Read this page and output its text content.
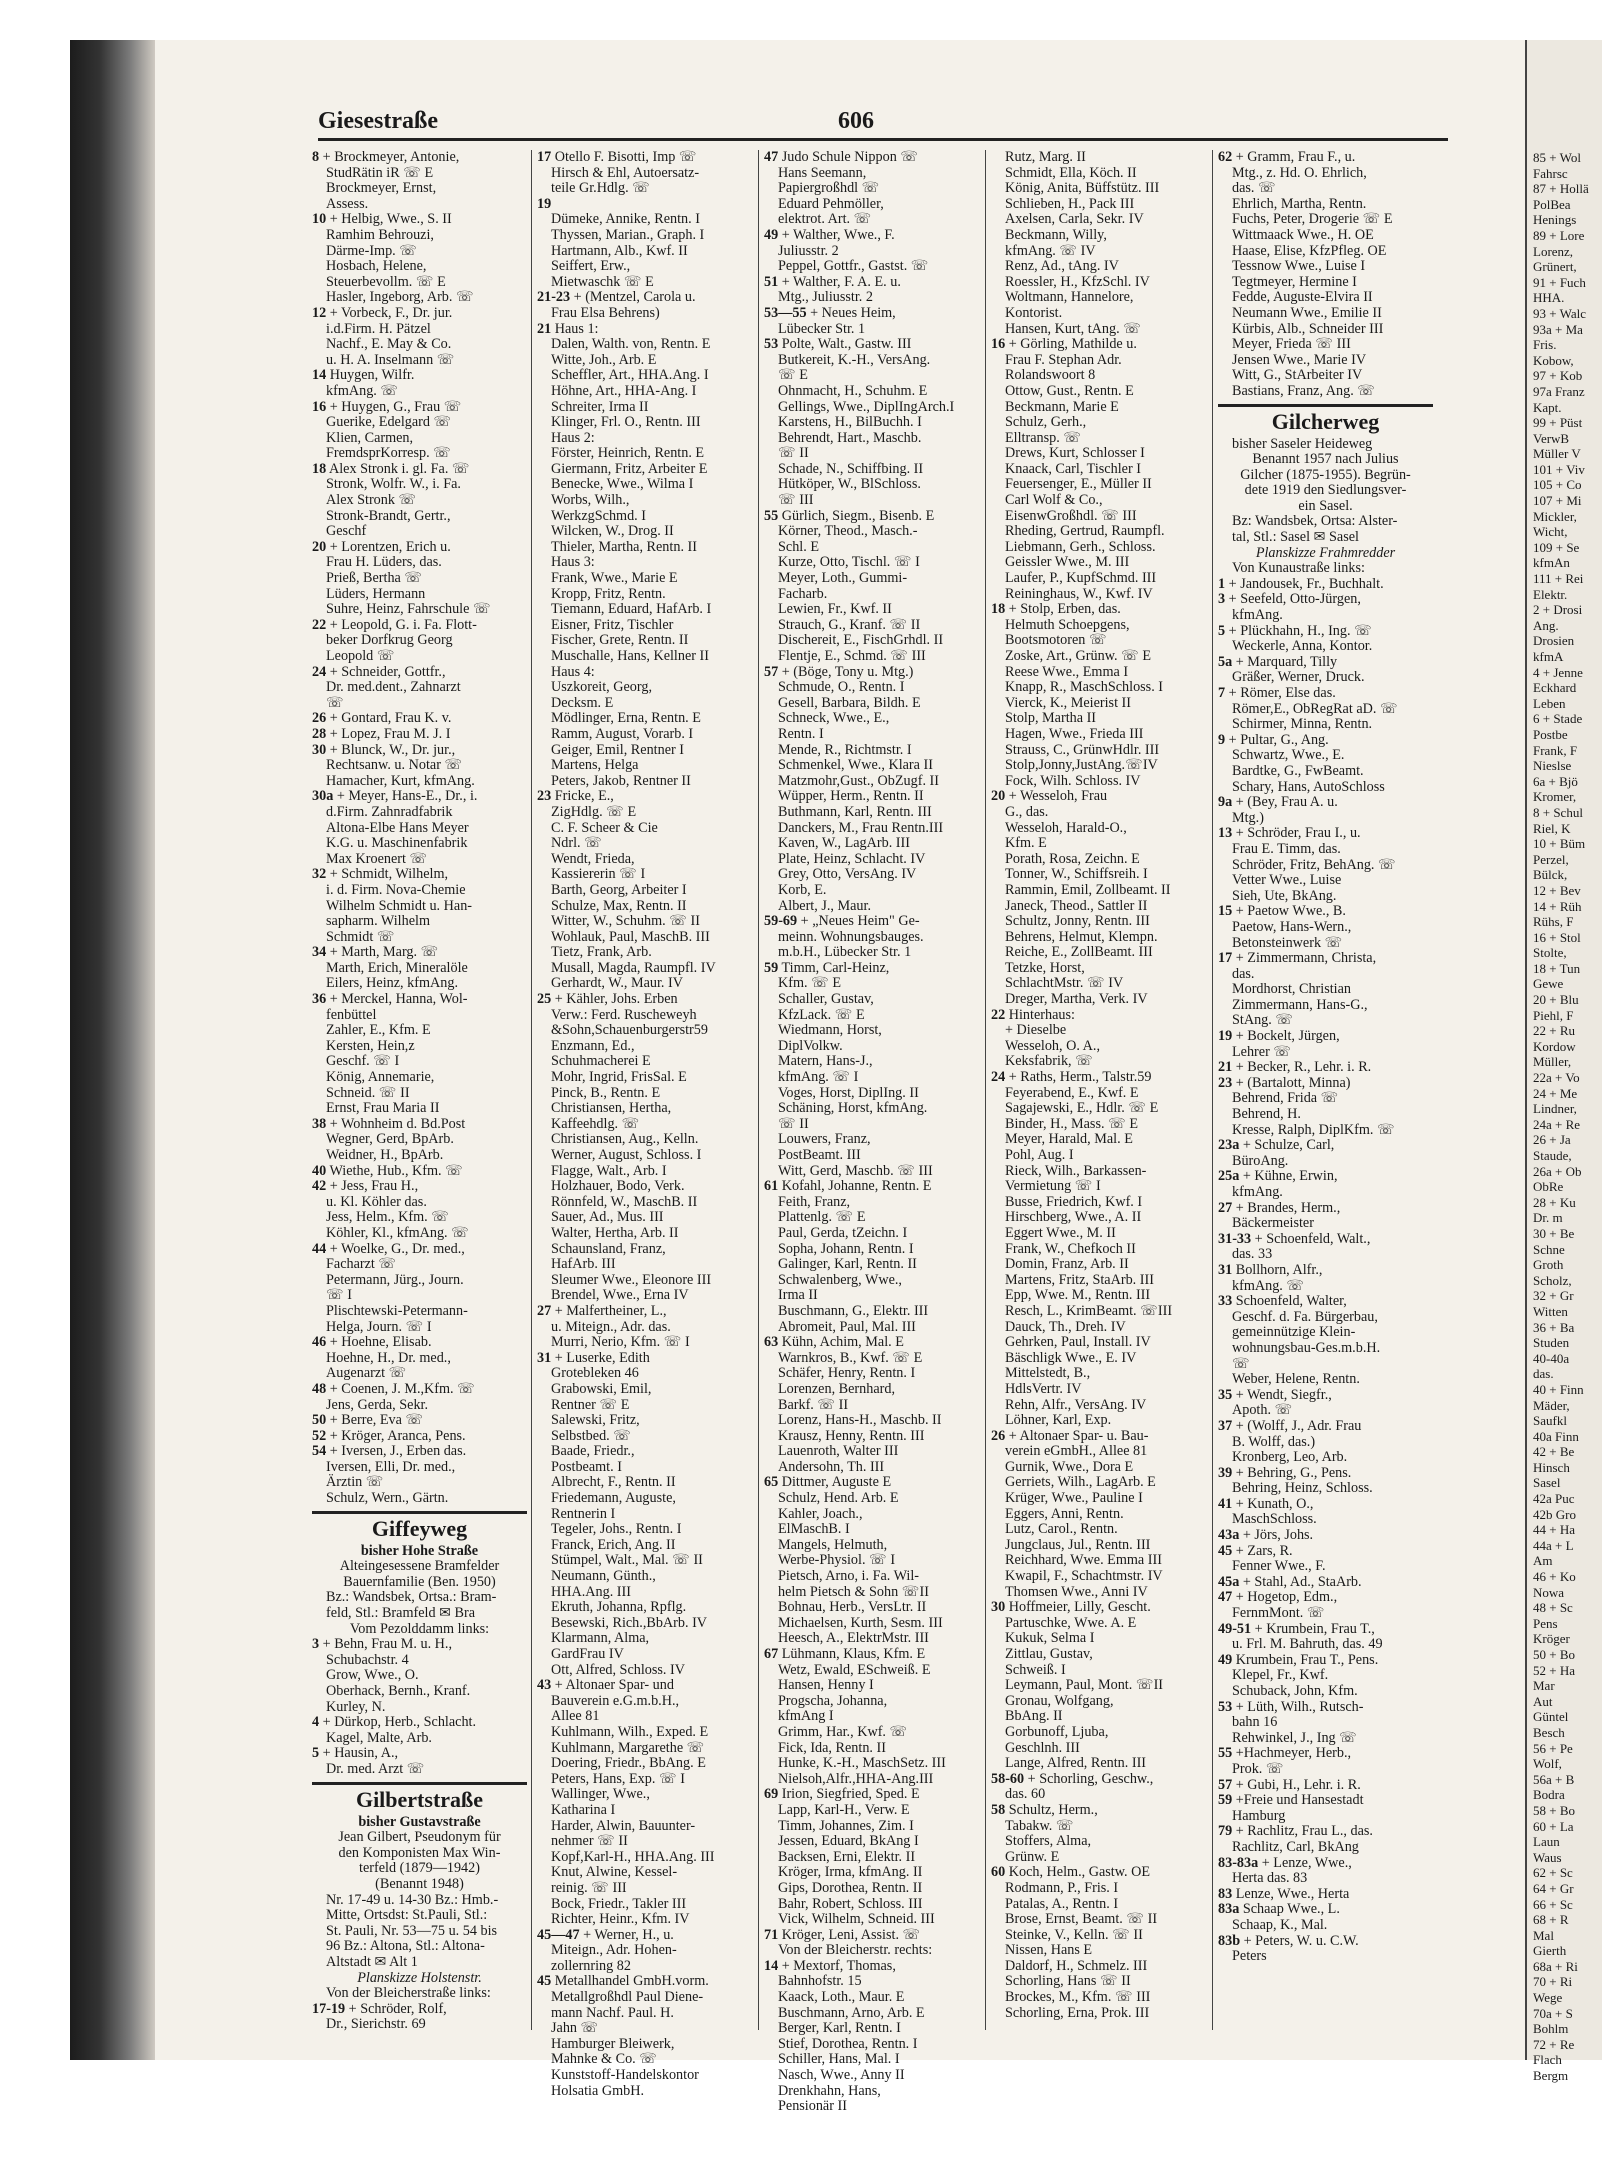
85 + Wol
Fahrsc
87 + Hollä
PolBea
Henings
89 + Lore
Lorenz,
Grünert,
91 + Fuch
HHA.
93 + Walc
93a + Ma
Fris.
Kobow,
97 + Kob
97a Franz
Kapt.
99 + Püst
VerwB
Müller V
101 + Viv
105 + Co
107 + Mi
Mickler,
Wicht,
109 + Se
kfmAn
111 + Rei
Elektr.
2 + Drosi
Ang.
Drosien
kfmA
4 + Jenne
Eckhard
Leben
6 + Stade
Postbe
Frank, F
Nieslse
6a + Bjö
Kromer,
8 + Schul
Riel, K
10 + Büm
Perzel,
Bülck,
12 + Bev
14 + Rüh
Rühs, F
16 + Stol
Stolte,
18 + Tun
Gewe
20 + Blu
Piehl, F
22 + Ru
Kordow
Müller,
22a + Vo
24 + Me
Lindner,
24a + Re
26 + Ja
Staude,
26a + Ob
ObRe
28 + Ku
Dr. m
30 + Be
Schne
Groth
Scholz,
32 + Gr
Witten
36 + Ba
Studen
40-40a
das.
40 + Finn
Mäder,
Saufkl
40a Finn
42 + Be
Hinsch
Sasel
42a Puc
42b Gro
44 + Ha
44a + L
Am
46 + Ko
Nowa
48 + Sc
Pens
Kröger
50 + Bo
52 + Ha
Mar
Aut
Güntel
Besch
56 + Pe
Wolf,
56a + B
Bodra
58 + Bo
60 + La
Laun
Waus
62 + Sc
64 + Gr
66 + Sc
68 + R
Mal
Gierth
68a + Ri
70 + Ri
Wege
70a + S
Bohlm
72 + Re
Flach
Bergm
Giesestraße	606
8 + Brockmeyer, Antonie,
StudRätin iR ☏ E
Brockmeyer, Ernst,
Assess.
10 + Helbig, Wwe., S. II
Ramhim Behrouzi,
Därme-Imp. ☏
Hosbach, Helene,
Steuerbevollm. ☏ E
Hasler, Ingeborg, Arb. ☏
12 + Vorbeck, F., Dr. jur.
i.d.Firm. H. Pätzel
Nachf., E. May & Co.
u. H. A. Inselmann ☏
14 Huygen, Wilfr.
kfmAng. ☏
16 + Huygen, G., Frau ☏
Guerike, Edelgard ☏
Klien, Carmen,
FremdsprKorresp. ☏
18 Alex Stronk i. gl. Fa. ☏
Stronk, Wolfr. W., i. Fa.
Alex Stronk ☏
Stronk-Brandt, Gertr.,
Geschf
20 + Lorentzen, Erich u.
Frau H. Lüders, das.
Prieß, Bertha ☏
Lüders, Hermann
Suhre, Heinz, Fahrschule ☏
22 + Leopold, G. i. Fa. Flott-
beker Dorfkrug Georg
Leopold ☏
24 + Schneider, Gottfr.,
Dr. med.dent., Zahnarzt
☏
26 + Gontard, Frau K. v.
28 + Lopez, Frau M. J. I
30 + Blunck, W., Dr. jur.,
Rechtsanw. u. Notar ☏
Hamacher, Kurt, kfmAng.
30a + Meyer, Hans-E., Dr., i.
d.Firm. Zahnradfabrik
Altona-Elbe Hans Meyer
K.G. u. Maschinenfabrik
Max Kroenert ☏
32 + Schmidt, Wilhelm,
i. d. Firm. Nova-Chemie
Wilhelm Schmidt u. Han-
sapharm. Wilhelm
Schmidt ☏
34 + Marth, Marg. ☏
Marth, Erich, Mineralöle
Eilers, Heinz, kfmAng.
36 + Merckel, Hanna, Wol-
fenbüttel
Zahler, E., Kfm. E
Kersten, Hein,z
Geschf. ☏ I
König, Annemarie,
Schneid. ☏ II
Ernst, Frau Maria II
38 + Wohnheim d. Bd.Post
Wegner, Gerd, BpArb.
Weidner, H., BpArb.
40 Wiethe, Hub., Kfm. ☏
42 + Jess, Frau H.,
u. Kl. Köhler das.
Jess, Helm., Kfm. ☏
Köhler, Kl., kfmAng. ☏
44 + Woelke, G., Dr. med.,
Facharzt ☏
Petermann, Jürg., Journ.
☏ I
Plischtewski-Petermann-
Helga, Journ. ☏ I
46 + Hoehne, Elisab.
Hoehne, H., Dr. med.,
Augenarzt ☏
48 + Coenen, J. M.,Kfm. ☏
Jens, Gerda, Sekr.
50 + Berre, Eva ☏
52 + Kröger, Aranca, Pens.
54 + Iversen, J., Erben das.
Iversen, Elli, Dr. med.,
Ärztin ☏
Schulz, Wern., Gärtn.
Giffeyweg
bisher Hohe Straße
Alteingesessene Bramfelder
Bauernfamilie (Ben. 1950)
Bz.: Wandsbek, Ortsa.: Bram-
feld, Stl.: Bramfeld ✉ Bra
Vom Pezolddamm links:
3 + Behn, Frau M. u. H.,
Schubachstr. 4
Grow, Wwe., O.
Oberhack, Bernh., Kranf.
Kurley, N.
4 + Dürkop, Herb., Schlacht.
Kagel, Malte, Arb.
5 + Hausin, A.,
Dr. med. Arzt ☏
Gilbertstraße
bisher Gustavstraße
Jean Gilbert, Pseudonym für
den Komponisten Max Win-
terfeld (1879—1942)
(Benannt 1948)
Nr. 17-49 u. 14-30 Bz.: Hmb.-
Mitte, Ortsdst: St.Pauli, Stl.:
St. Pauli, Nr. 53—75 u. 54 bis
96 Bz.: Altona, Stl.: Altona-
Altstadt ✉ Alt 1
Planskizze Holstenstr.
Von der Bleicherstraße links:
17-19 + Schröder, Rolf,
Dr., Sierichstr. 69
17 Otello F. Bisotti, Imp ☏
Hirsch & Ehl, Autoersatz-
teile Gr.Hdlg. ☏
19
Dümeke, Annike, Rentn. I
Thyssen, Marian., Graph. I
Hartmann, Alb., Kwf. II
Seiffert, Erw.,
Mietwaschk ☏ E
21-23 + (Mentzel, Carola u.
Frau Elsa Behrens)
21 Haus 1:
Dalen, Walth. von, Rentn. E
Witte, Joh., Arb. E
Scheffler, Art., HHA.Ang. I
Höhne, Art., HHA-Ang. I
Schreiter, Irma II
Klinger, Frl. O., Rentn. III
Haus 2:
Förster, Heinrich, Rentn. E
Giermann, Fritz, Arbeiter E
Benecke, Wwe., Wilma I
Worbs, Wilh.,
WerkzgSchmd. I
Wilcken, W., Drog. II
Thieler, Martha, Rentn. II
Haus 3:
Frank, Wwe., Marie E
Kropp, Fritz, Rentn.
Tiemann, Eduard, HafArb. I
Eisner, Fritz, Tischler
Fischer, Grete, Rentn. II
Muschalle, Hans, Kellner II
Haus 4:
Uszkoreit, Georg,
Decksm. E
Mödlinger, Erna, Rentn. E
Ramm, August, Vorarb. I
Geiger, Emil, Rentner I
Martens, Helga
Peters, Jakob, Rentner II
23 Fricke, E.,
ZigHdlg. ☏ E
C. F. Scheer & Cie
Ndrl. ☏
Wendt, Frieda,
Kassiererin ☏ I
Barth, Georg, Arbeiter I
Schulze, Max, Rentn. II
Witter, W., Schuhm. ☏ II
Wohlauk, Paul, MaschB. III
Tietz, Frank, Arb.
Musall, Magda, Raumpfl. IV
Gerhardt, W., Maur. IV
25 + Kähler, Johs. Erben
Verw.: Ferd. Ruscheweyh
&Sohn,Schauenburgerstr59
Enzmann, Ed.,
Schuhmacherei E
Mohr, Ingrid, FrisSal. E
Pinck, B., Rentn. E
Christiansen, Hertha,
Kaffeehdlg. ☏
Christiansen, Aug., Kelln.
Werner, August, Schloss. I
Flagge, Walt., Arb. I
Holzhauer, Bodo, Verk.
Rönnfeld, W., MaschB. II
Sauer, Ad., Mus. III
Walter, Hertha, Arb. II
Schaunsland, Franz,
HafArb. III
Sleumer Wwe., Eleonore III
Brendel, Wwe., Erna IV
27 + Malfertheiner, L.,
u. Miteign., Adr. das.
Murri, Nerio, Kfm. ☏ I
31 + Luserke, Edith
Grotebleken 46
Grabowski, Emil,
Rentner ☏ E
Salewski, Fritz,
Selbstbed. ☏
Baade, Friedr.,
Postbeamt. I
Albrecht, F., Rentn. II
Friedemann, Auguste,
Rentnerin I
Tegeler, Johs., Rentn. I
Franck, Erich, Ang. II
Stümpel, Walt., Mal. ☏ II
Neumann, Günth.,
HHA.Ang. III
Ekruth, Johanna, Rpflg.
Besewski, Rich.,BbArb. IV
Klarmann, Alma,
GardFrau IV
Ott, Alfred, Schloss. IV
43 + Altonaer Spar- und
Bauverein e.G.m.b.H.,
Allee 81
Kuhlmann, Wilh., Exped. E
Kuhlmann, Margarethe ☏
Doering, Friedr., BbAng. E
Peters, Hans, Exp. ☏ I
Wallinger, Wwe.,
Katharina I
Harder, Alwin, Bauunter-
nehmer ☏ II
Kopf,Karl-H., HHA.Ang. III
Knut, Alwine, Kessel-
reinig. ☏ III
Bock, Friedr., Takler III
Richter, Heinr., Kfm. IV
45—47 + Werner, H., u.
Miteign., Adr. Hohen-
zollernring 82
45 Metallhandel GmbH.vorm.
Metallgroßhdl Paul Diene-
mann Nachf. Paul. H.
Jahn ☏
Hamburger Bleiwerk,
Mahnke & Co. ☏
Kunststoff-Handelskontor
Holsatia GmbH.
47 Judo Schule Nippon ☏
Hans Seemann,
Papiergroßhdl ☏
Eduard Pehmöller,
elektrot. Art. ☏
49 + Walther, Wwe., F.
Juliusstr. 2
Peppel, Gottfr., Gastst. ☏
51 + Walther, F. A. E. u.
Mtg., Juliusstr. 2
53—55 + Neues Heim,
Lübecker Str. 1
53 Polte, Walt., Gastw. III
Butkereit, K.-H., VersAng.
☏ E
Ohnmacht, H., Schuhm. E
Gellings, Wwe., DiplIngArch.I
Karstens, H., BilBuchh. I
Behrendt, Hart., Maschb.
☏ II
Schade, N., Schiffbing. II
Hütköper, W., BlSchloss.
☏ III
55 Gürlich, Siegm., Bisenb. E
Körner, Theod., Masch.-
Schl. E
Kurze, Otto, Tischl. ☏ I
Meyer, Loth., Gummi-
Facharb.
Lewien, Fr., Kwf. II
Strauch, G., Kranf. ☏ II
Dischereit, E., FischGrhdl. II
Flentje, E., Schmd. ☏ III
57 + (Böge, Tony u. Mtg.)
Schmude, O., Rentn. I
Gesell, Barbara, Bildh. E
Schneck, Wwe., E.,
Rentn. I
Mende, R., Richtmstr. I
Schmenkel, Wwe., Klara II
Matzmohr,Gust., ObZugf. II
Wüpper, Herm., Rentn. II
Buthmann, Karl, Rentn. III
Danckers, M., Frau Rentn.III
Kaven, W., LagArb. III
Plate, Heinz, Schlacht. IV
Grey, Otto, VersAng. IV
Korb, E.
Albert, J., Maur.
59-69 + „Neues Heim" Ge-
meinn. Wohnungsbauges.
m.b.H., Lübecker Str. 1
59 Timm, Carl-Heinz,
Kfm. ☏ E
Schaller, Gustav,
KfzLack. ☏ E
Wiedmann, Horst,
DiplVolkw.
Matern, Hans-J.,
kfmAng. ☏ I
Voges, Horst, DiplIng. II
Schäning, Horst, kfmAng.
☏ II
Louwers, Franz,
PostBeamt. III
Witt, Gerd, Maschb. ☏ III
61 Kofahl, Johanne, Rentn. E
Feith, Franz,
Plattenlg. ☏ E
Paul, Gerda, tZeichn. I
Sopha, Johann, Rentn. I
Galinger, Karl, Rentn. II
Schwalenberg, Wwe.,
Irma II
Buschmann, G., Elektr. III
Abromeit, Paul, Mal. III
63 Kühn, Achim, Mal. E
Warnkros, B., Kwf. ☏ E
Schäfer, Henry, Rentn. I
Lorenzen, Bernhard,
Barkf. ☏ II
Lorenz, Hans-H., Maschb. II
Krausz, Henny, Rentn. III
Lauenroth, Walter III
Andersohn, Th. III
65 Dittmer, Auguste E
Schulz, Hend. Arb. E
Kahler, Joach.,
ElMaschB. I
Mangels, Helmuth,
Werbe-Physiol. ☏ I
Pietsch, Arno, i. Fa. Wil-
helm Pietsch & Sohn ☏II
Bohnau, Herb., VersLtr. II
Michaelsen, Kurth, Sesm. III
Heesch, A., ElektrMstr. III
67 Lühmann, Klaus, Kfm. E
Wetz, Ewald, ESchweiß. E
Hansen, Henny I
Progscha, Johanna,
kfmAng I
Grimm, Har., Kwf. ☏
Fick, Ida, Rentn. II
Hunke, K.-H., MaschSetz. III
Nielsoh,Alfr.,HHA-Ang.III
69 Irion, Siegfried, Sped. E
Lapp, Karl-H., Verw. E
Timm, Johannes, Zim. I
Jessen, Eduard, BkAng I
Backsen, Erni, Elektr. II
Kröger, Irma, kfmAng. II
Gips, Dorothea, Rentn. II
Bahr, Robert, Schloss. III
Vick, Wilhelm, Schneid. III
71 Kröger, Leni, Assist. ☏
Von der Bleicherstr. rechts:
14 + Mextorf, Thomas,
Bahnhofstr. 15
Kaack, Loth., Maur. E
Buschmann, Arno, Arb. E
Berger, Karl, Rentn. I
Stief, Dorothea, Rentn. I
Schiller, Hans, Mal. I
Nasch, Wwe., Anny II
Drenkhahn, Hans,
Pensionär II
Rutz, Marg. II
Schmidt, Ella, Köch. II
König, Anita, Büffstütz. III
Schlieben, H., Pack III
Axelsen, Carla, Sekr. IV
Beckmann, Willy,
kfmAng. ☏ IV
Renz, Ad., tAng. IV
Roessler, H., KfzSchl. IV
Woltmann, Hannelore,
Kontorist.
Hansen, Kurt, tAng. ☏
16 + Görling, Mathilde u.
Frau F. Stephan Adr.
Rolandswoort 8
Ottow, Gust., Rentn. E
Beckmann, Marie E
Schulz, Gerh.,
Elltransp. ☏
Drews, Kurt, Schlosser I
Knaack, Carl, Tischler I
Feuersenger, E., Müller II
Carl Wolf & Co.,
EisenwGroßhdl. ☏ III
Rheding, Gertrud, Raumpfl.
Liebmann, Gerh., Schloss.
Geissler Wwe., M. III
Laufer, P., KupfSchmd. III
Reininghaus, W., Kwf. IV
18 + Stolp, Erben, das.
Helmuth Schoepgens,
Bootsmotoren ☏
Zoske, Art., Grünw. ☏ E
Reese Wwe., Emma I
Knapp, R., MaschSchloss. I
Vierck, K., Meierist II
Stolp, Martha II
Hagen, Wwe., Frieda III
Strauss, C., GrünwHdlr. III
Stolp,Jonny,JustAng.☏IV
Fock, Wilh. Schloss. IV
20 + Wesseloh, Frau
G., das.
Wesseloh, Harald-O.,
Kfm. E
Porath, Rosa, Zeichn. E
Tonner, W., Schiffsreih. I
Rammin, Emil, Zollbeamt. II
Janeck, Theod., Sattler II
Schultz, Jonny, Rentn. III
Behrens, Helmut, Klempn.
Reiche, E., ZollBeamt. III
Tetzke, Horst,
SchlachtMstr. ☏ IV
Dreger, Martha, Verk. IV
22 Hinterhaus:
+ Dieselbe
Wesseloh, O. A.,
Keksfabrik, ☏
24 + Raths, Herm., Talstr.59
Feyerabend, E., Kwf. E
Sagajewski, E., Hdlr. ☏ E
Binder, H., Mass. ☏ E
Meyer, Harald, Mal. E
Pohl, Aug. I
Rieck, Wilh., Barkassen-
Vermietung ☏ I
Busse, Friedrich, Kwf. I
Hirschberg, Wwe., A. II
Eggert Wwe., M. II
Frank, W., Chefkoch II
Domin, Franz, Arb. II
Martens, Fritz, StaArb. III
Epp, Wwe. M., Rentn. III
Resch, L., KrimBeamt. ☏III
Dauck, Th., Dreh. IV
Gehrken, Paul, Install. IV
Bäschligk Wwe., E. IV
Mittelstedt, B.,
HdlsVertr. IV
Rehn, Alfr., VersAng. IV
Löhner, Karl, Exp.
26 + Altonaer Spar- u. Bau-
verein eGmbH., Allee 81
Gurnik, Wwe., Dora E
Gerriets, Wilh., LagArb. E
Krüger, Wwe., Pauline I
Eggers, Anni, Rentn.
Lutz, Carol., Rentn.
Jungclaus, Jul., Rentn. III
Reichhard, Wwe. Emma III
Kwapil, F., Schachtmstr. IV
Thomsen Wwe., Anni IV
30 Hoffmeier, Lilly, Gescht.
Partuschke, Wwe. A. E
Kukuk, Selma I
Zittlau, Gustav,
Schweiß. I
Leymann, Paul, Mont. ☏II
Gronau, Wolfgang,
BbAng. II
Gorbunoff, Ljuba,
Geschlnh. III
Lange, Alfred, Rentn. III
58-60 + Schorling, Geschw.,
das. 60
58 Schultz, Herm.,
Tabakw. ☏
Stoffers, Alma,
Grünw. E
60 Koch, Helm., Gastw. OE
Rodmann, P., Fris. I
Patalas, A., Rentn. I
Brose, Ernst, Beamt. ☏ II
Steinke, V., Kelln. ☏ II
Nissen, Hans E
Daldorf, H., Schmelz. III
Schorling, Hans ☏ II
Brockes, M., Kfm. ☏ III
Schorling, Erna, Prok. III
62 + Gramm, Frau F., u.
Mtg., z. Hd. O. Ehrlich,
das. ☏
Ehrlich, Martha, Rentn.
Fuchs, Peter, Drogerie ☏ E
Wittmaack Wwe., H. OE
Haase, Elise, KfzPfleg. OE
Tessnow Wwe., Luise I
Tegtmeyer, Hermine I
Fedde, Auguste-Elvira II
Neumann Wwe., Emilie II
Kürbis, Alb., Schneider III
Meyer, Frieda ☏ III
Jensen Wwe., Marie IV
Witt, G., StArbeiter IV
Bastians, Franz, Ang. ☏
Gilcherweg
bisher Saseler Heideweg
Benannt 1957 nach Julius
Gilcher (1875-1955). Begrün-
dete 1919 den Siedlungsver-
ein Sasel.
Bz: Wandsbek, Ortsa: Alster-
tal, Stl.: Sasel ✉ Sasel
Planskizze Frahmredder
Von Kunaustraße links:
1 + Jandousek, Fr., Buchhalt.
3 + Seefeld, Otto-Jürgen,
kfmAng.
5 + Plückhahn, H., Ing. ☏
Weckerle, Anna, Kontor.
5a + Marquard, Tilly
Gräßer, Werner, Druck.
7 + Römer, Else das.
Römer,E., ObRegRat aD. ☏
Schirmer, Minna, Rentn.
9 + Pultar, G., Ang.
Schwartz, Wwe., E.
Bardtke, G., FwBeamt.
Schary, Hans, AutoSchloss
9a + (Bey, Frau A. u.
Mtg.)
13 + Schröder, Frau I., u.
Frau E. Timm, das.
Schröder, Fritz, BehAng. ☏
Vetter Wwe., Luise
Sieh, Ute, BkAng.
15 + Paetow Wwe., B.
Paetow, Hans-Wern.,
Betonsteinwerk ☏
17 + Zimmermann, Christa,
das.
Mordhorst, Christian
Zimmermann, Hans-G.,
StAng. ☏
19 + Bockelt, Jürgen,
Lehrer ☏
21 + Becker, R., Lehr. i. R.
23 + (Bartalott, Minna)
Behrend, Frida ☏
Behrend, H.
Kresse, Ralph, DiplKfm. ☏
23a + Schulze, Carl,
BüroAng.
25a + Kühne, Erwin,
kfmAng.
27 + Brandes, Herm.,
Bäckermeister
31-33 + Schoenfeld, Walt.,
das. 33
31 Bollhorn, Alfr.,
kfmAng. ☏
33 Schoenfeld, Walter,
Geschf. d. Fa. Bürgerbau,
gemeinnützige Klein-
wohnungsbau-Ges.m.b.H.
☏
Weber, Helene, Rentn.
35 + Wendt, Siegfr.,
Apoth. ☏
37 + (Wolff, J., Adr. Frau
B. Wolff, das.)
Kronberg, Leo, Arb.
39 + Behring, G., Pens.
Behring, Heinz, Schloss.
41 + Kunath, O.,
MaschSchloss.
43a + Jörs, Johs.
45 + Zars, R.
Fenner Wwe., F.
45a + Stahl, Ad., StaArb.
47 + Hogetop, Edm.,
FernmMont. ☏
49-51 + Krumbein, Frau T.,
u. Frl. M. Bahruth, das. 49
49 Krumbein, Frau T., Pens.
Klepel, Fr., Kwf.
Schuback, John, Kfm.
53 + Lüth, Wilh., Rutsch-
bahn 16
Rehwinkel, J., Ing ☏
55 +Hachmeyer, Herb.,
Prok. ☏
57 + Gubi, H., Lehr. i. R.
59 +Freie und Hansestadt
Hamburg
79 + Rachlitz, Frau L., das.
Rachlitz, Carl, BkAng
83-83a + Lenze, Wwe.,
Herta das. 83
83 Lenze, Wwe., Herta
83a Schaap Wwe., L.
Schaap, K., Mal.
83b + Peters, W. u. C.W.
Peters
